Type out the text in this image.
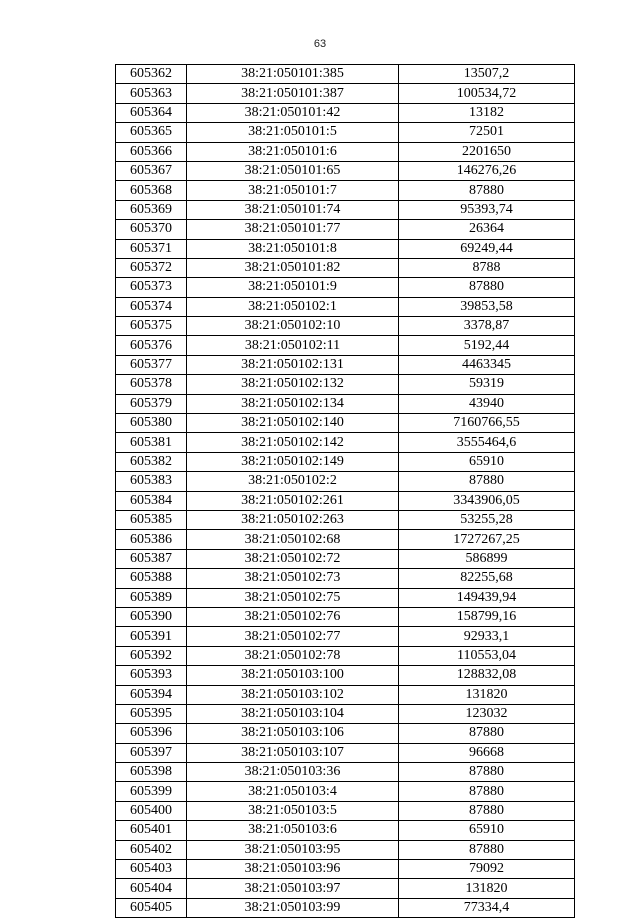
63
605362	38:21:050101:385	13507,2
605363	38:21:050101:387	100534,72
605364	38:21:050101:42	13182
605365	38:21:050101:5	72501
605366	38:21:050101:6	2201650
605367	38:21:050101:65	146276,26
605368	38:21:050101:7	87880
605369	38:21:050101:74	95393,74
605370	38:21:050101:77	26364
605371	38:21:050101:8	69249,44
605372	38:21:050101:82	8788
605373	38:21:050101:9	87880
605374	38:21:050102:1	39853,58
605375	38:21:050102:10	3378,87
605376	38:21:050102:11	5192,44
605377	38:21:050102:131	4463345
605378	38:21:050102:132	59319
605379	38:21:050102:134	43940
605380	38:21:050102:140	7160766,55
605381	38:21:050102:142	3555464,6
605382	38:21:050102:149	65910
605383	38:21:050102:2	87880
605384	38:21:050102:261	3343906,05
605385	38:21:050102:263	53255,28
605386	38:21:050102:68	1727267,25
605387	38:21:050102:72	586899
605388	38:21:050102:73	82255,68
605389	38:21:050102:75	149439,94
605390	38:21:050102:76	158799,16
605391	38:21:050102:77	92933,1
605392	38:21:050102:78	110553,04
605393	38:21:050103:100	128832,08
605394	38:21:050103:102	131820
605395	38:21:050103:104	123032
605396	38:21:050103:106	87880
605397	38:21:050103:107	96668
605398	38:21:050103:36	87880
605399	38:21:050103:4	87880
605400	38:21:050103:5	87880
605401	38:21:050103:6	65910
605402	38:21:050103:95	87880
605403	38:21:050103:96	79092
605404	38:21:050103:97	131820
605405	38:21:050103:99	77334,4
